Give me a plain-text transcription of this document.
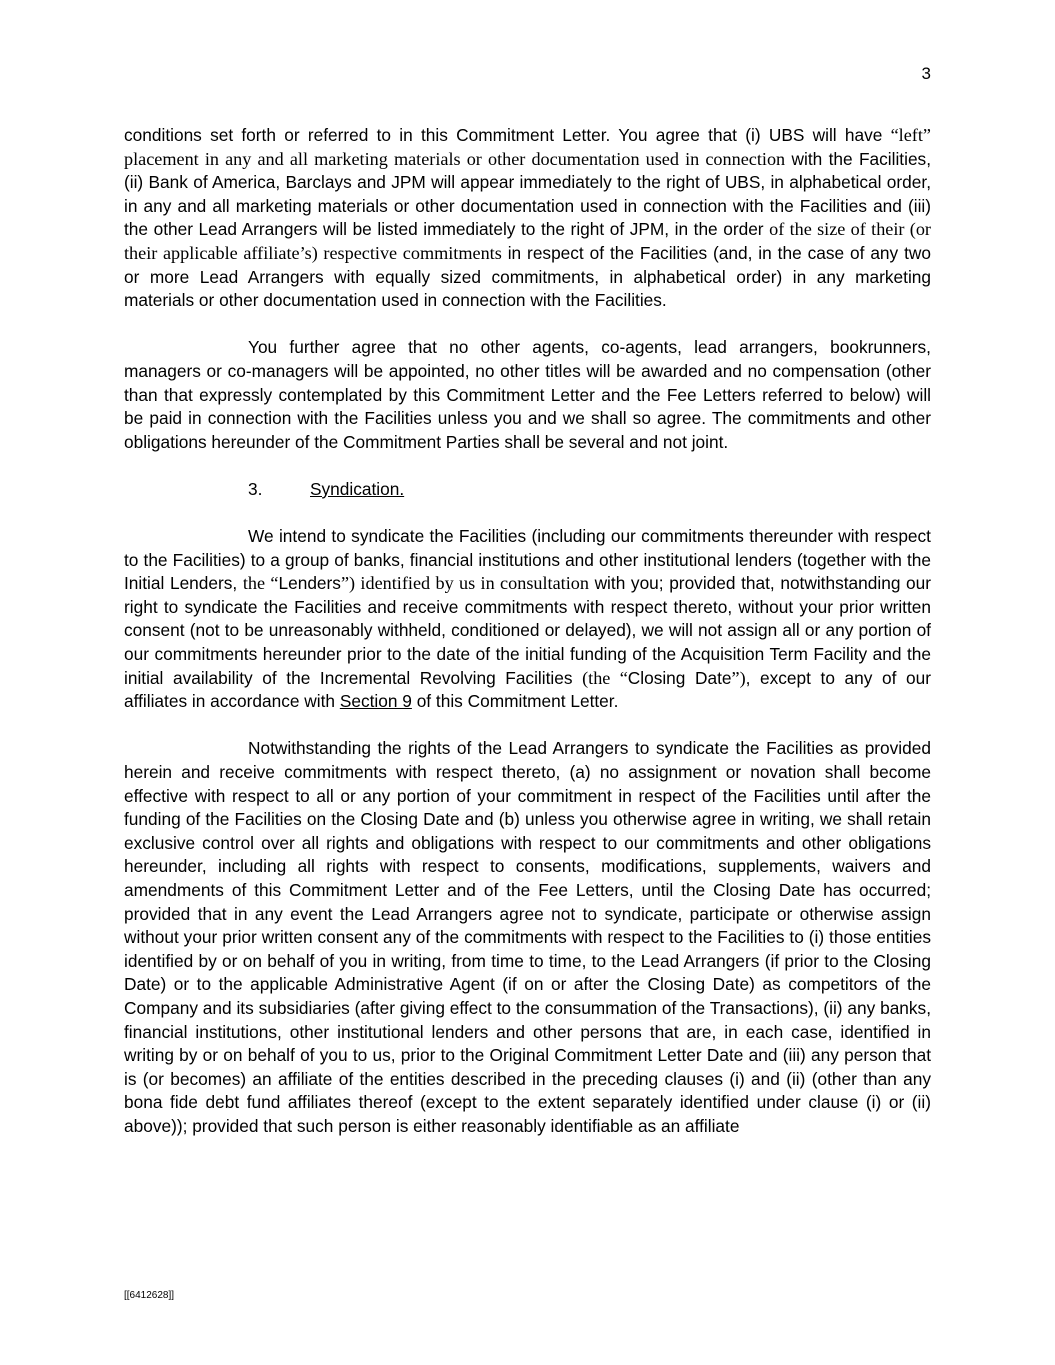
3

conditions set forth or referred to in this Commitment Letter. You agree that (i) UBS will have “left” placement in any and all marketing materials or other documentation used in connection with the Facilities, (ii) Bank of America, Barclays and JPM will appear immediately to the right of UBS, in alphabetical order, in any and all marketing materials or other documentation used in connection with the Facilities and (iii) the other Lead Arrangers will be listed immediately to the right of JPM, in the order of the size of their (or their applicable affiliate’s) respective commitments in respect of the Facilities (and, in the case of any two or more Lead Arrangers with equally sized commitments, in alphabetical order) in any marketing materials or other documentation used in connection with the Facilities.

You further agree that no other agents, co-agents, lead arrangers, bookrunners, managers or co-managers will be appointed, no other titles will be awarded and no compensation (other than that expressly contemplated by this Commitment Letter and the Fee Letters referred to below) will be paid in connection with the Facilities unless you and we shall so agree. The commitments and other obligations hereunder of the Commitment Parties shall be several and not joint.

3.	Syndication.

We intend to syndicate the Facilities (including our commitments thereunder with respect to the Facilities) to a group of banks, financial institutions and other institutional lenders (together with the Initial Lenders, the “Lenders”) identified by us in consultation with you; provided that, notwithstanding our right to syndicate the Facilities and receive commitments with respect thereto, without your prior written consent (not to be unreasonably withheld, conditioned or delayed), we will not assign all or any portion of our commitments hereunder prior to the date of the initial funding of the Acquisition Term Facility and the initial availability of the Incremental Revolving Facilities (the “Closing Date”), except to any of our affiliates in accordance with Section 9 of this Commitment Letter.

Notwithstanding the rights of the Lead Arrangers to syndicate the Facilities as provided herein and receive commitments with respect thereto, (a) no assignment or novation shall become effective with respect to all or any portion of your commitment in respect of the Facilities until after the funding of the Facilities on the Closing Date and (b) unless you otherwise agree in writing, we shall retain exclusive control over all rights and obligations with respect to our commitments and other obligations hereunder, including all rights with respect to consents, modifications, supplements, waivers and amendments of this Commitment Letter and of the Fee Letters, until the Closing Date has occurred; provided that in any event the Lead Arrangers agree not to syndicate, participate or otherwise assign without your prior written consent any of the commitments with respect to the Facilities to (i) those entities identified by or on behalf of you in writing, from time to time, to the Lead Arrangers (if prior to the Closing Date) or to the applicable Administrative Agent (if on or after the Closing Date) as competitors of the Company and its subsidiaries (after giving effect to the consummation of the Transactions), (ii) any banks, financial institutions, other institutional lenders and other persons that are, in each case, identified in writing by or on behalf of you to us, prior to the Original Commitment Letter Date and (iii) any person that is (or becomes) an affiliate of the entities described in the preceding clauses (i) and (ii) (other than any bona fide debt fund affiliates thereof (except to the extent separately identified under clause (i) or (ii) above)); provided that such person is either reasonably identifiable as an affiliate

[[6412628]]
